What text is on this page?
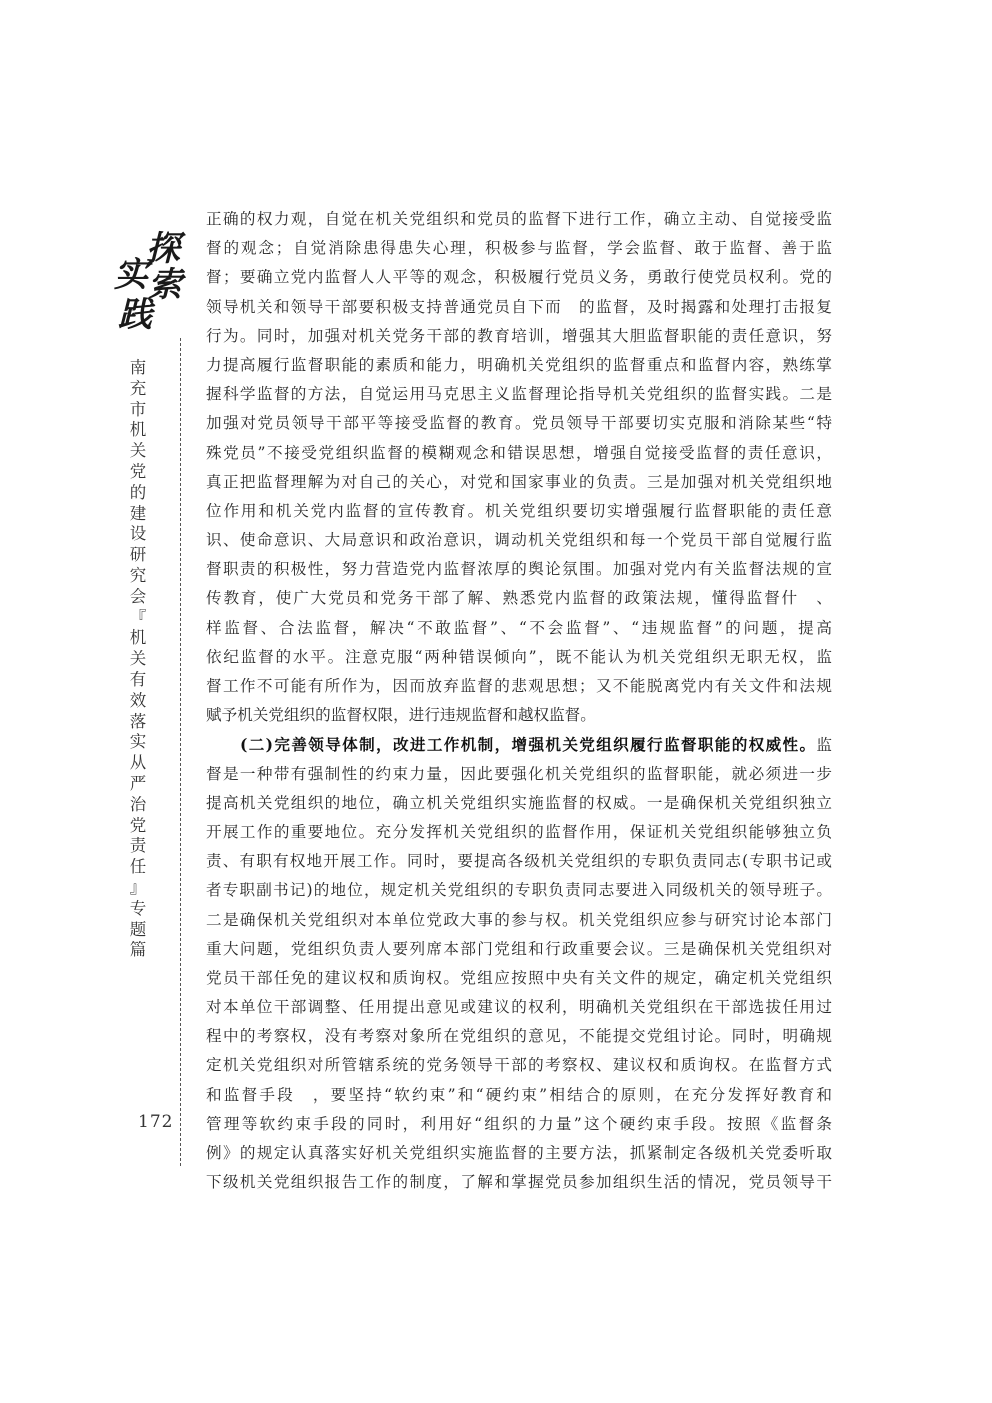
探
索
实
践
南
充
市
机
关
党
的
建
设
研
究
会
『
机
关
有
效
落
实
从
严
治
党
责
任
』
专
题
篇
172
正确的权力观，自觉在机关党组织和党员的监督下进行工作，确立主动、自觉接受监
督的观念；自觉消除患得患失心理，积极参与监督，学会监督、敢于监督、善于监
督；要确立党内监督人人平等的观念，积极履行党员义务，勇敢行使党员权利。党的
领导机关和领导干部要积极支持普通党员自下而　的监督，及时揭露和处理打击报复
行为。同时，加强对机关党务干部的教育培训，增强其大胆监督职能的责任意识，努
力提高履行监督职能的素质和能力，明确机关党组织的监督重点和监督内容，熟练掌
握科学监督的方法，自觉运用马克思主义监督理论指导机关党组织的监督实践。二是
加强对党员领导干部平等接受监督的教育。党员领导干部要切实克服和消除某些“特
殊党员”不接受党组织监督的模糊观念和错误思想，增强自觉接受监督的责任意识，
真正把监督理解为对自己的关心，对党和国家事业的负责。三是加强对机关党组织地
位作用和机关党内监督的宣传教育。机关党组织要切实增强履行监督职能的责任意
识、使命意识、大局意识和政治意识，调动机关党组织和每一个党员干部自觉履行监
督职责的积极性，努力营造党内监督浓厚的舆论氛围。加强对党内有关监督法规的宣
传教育，使广大党员和党务干部了解、熟悉党内监督的政策法规，懂得监督什　、
样监督、合法监督，解决“不敢监督”、“不会监督”、“违规监督”的问题，提高
依纪监督的水平。注意克服“两种错误倾向”，既不能认为机关党组织无职无权，监
督工作不可能有所作为，因而放弃监督的悲观思想；又不能脱离党内有关文件和法规
赋予机关党组织的监督权限，进行违规监督和越权监督。
(二)完善领导体制，改进工作机制，增强机关党组织履行监督职能的权威性。监
督是一种带有强制性的约束力量，因此要强化机关党组织的监督职能，就必须进一步
提高机关党组织的地位，确立机关党组织实施监督的权威。一是确保机关党组织独立
开展工作的重要地位。充分发挥机关党组织的监督作用，保证机关党组织能够独立负
责、有职有权地开展工作。同时，要提高各级机关党组织的专职负责同志(专职书记或
者专职副书记)的地位，规定机关党组织的专职负责同志要进入同级机关的领导班子。
二是确保机关党组织对本单位党政大事的参与权。机关党组织应参与研究讨论本部门
重大问题，党组织负责人要列席本部门党组和行政重要会议。三是确保机关党组织对
党员干部任免的建议权和质询权。党组应按照中央有关文件的规定，确定机关党组织
对本单位干部调整、任用提出意见或建议的权利，明确机关党组织在干部选拔任用过
程中的考察权，没有考察对象所在党组织的意见，不能提交党组讨论。同时，明确规
定机关党组织对所管辖系统的党务领导干部的考察权、建议权和质询权。在监督方式
和监督手段　，要坚持“软约束”和“硬约束”相结合的原则，在充分发挥好教育和
管理等软约束手段的同时，利用好“组织的力量”这个硬约束手段。按照《监督条
例》的规定认真落实好机关党组织实施监督的主要方法，抓紧制定各级机关党委听取
下级机关党组织报告工作的制度，了解和掌握党员参加组织生活的情况，党员领导干
